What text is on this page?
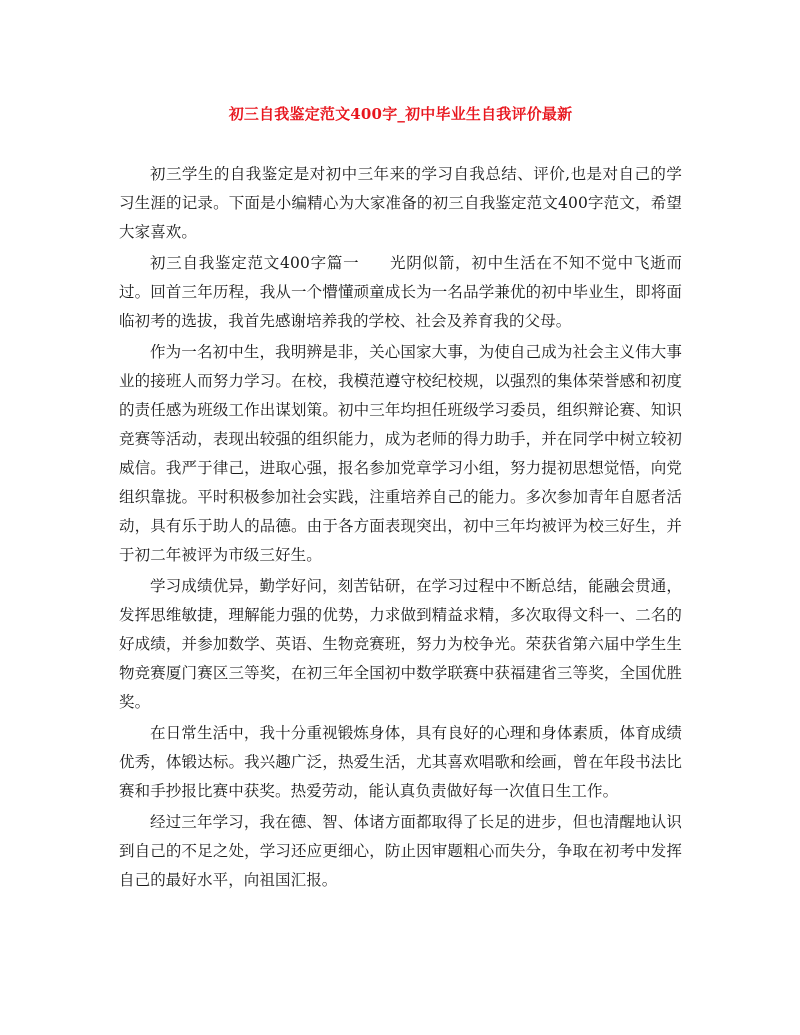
初三自我鉴定范文400字_初中毕业生自我评价最新

初三学生的自我鉴定是对初中三年来的学习自我总结、评价,也是对自己的学习生涯的记录。下面是小编精心为大家准备的初三自我鉴定范文400字范文，希望大家喜欢。

初三自我鉴定范文400字篇一 光阴似箭，初中生活在不知不觉中飞逝而过。回首三年历程，我从一个懵懂顽童成长为一名品学兼优的初中毕业生，即将面临初考的选拔，我首先感谢培养我的学校、社会及养育我的父母。

作为一名初中生，我明辨是非，关心国家大事，为使自己成为社会主义伟大事业的接班人而努力学习。在校，我模范遵守校纪校规，以强烈的集体荣誉感和初度的责任感为班级工作出谋划策。初中三年均担任班级学习委员，组织辩论赛、知识竞赛等活动，表现出较强的组织能力，成为老师的得力助手，并在同学中树立较初威信。我严于律己，进取心强，报名参加党章学习小组，努力提初思想觉悟，向党组织靠拢。平时积极参加社会实践，注重培养自己的能力。多次参加青年自愿者活动，具有乐于助人的品德。由于各方面表现突出，初中三年均被评为校三好生，并于初二年被评为市级三好生。

学习成绩优异，勤学好问，刻苦钻研，在学习过程中不断总结，能融会贯通，发挥思维敏捷，理解能力强的优势，力求做到精益求精，多次取得文科一、二名的好成绩，并参加数学、英语、生物竞赛班，努力为校争光。荣获省第六届中学生生物竞赛厦门赛区三等奖，在初三年全国初中数学联赛中获福建省三等奖，全国优胜奖。

在日常生活中，我十分重视锻炼身体，具有良好的心理和身体素质，体育成绩优秀，体锻达标。我兴趣广泛，热爱生活，尤其喜欢唱歌和绘画，曾在年段书法比赛和手抄报比赛中获奖。热爱劳动，能认真负责做好每一次值日生工作。

经过三年学习，我在德、智、体诸方面都取得了长足的进步，但也清醒地认识到自己的不足之处，学习还应更细心，防止因审题粗心而失分，争取在初考中发挥自己的最好水平，向祖国汇报。
